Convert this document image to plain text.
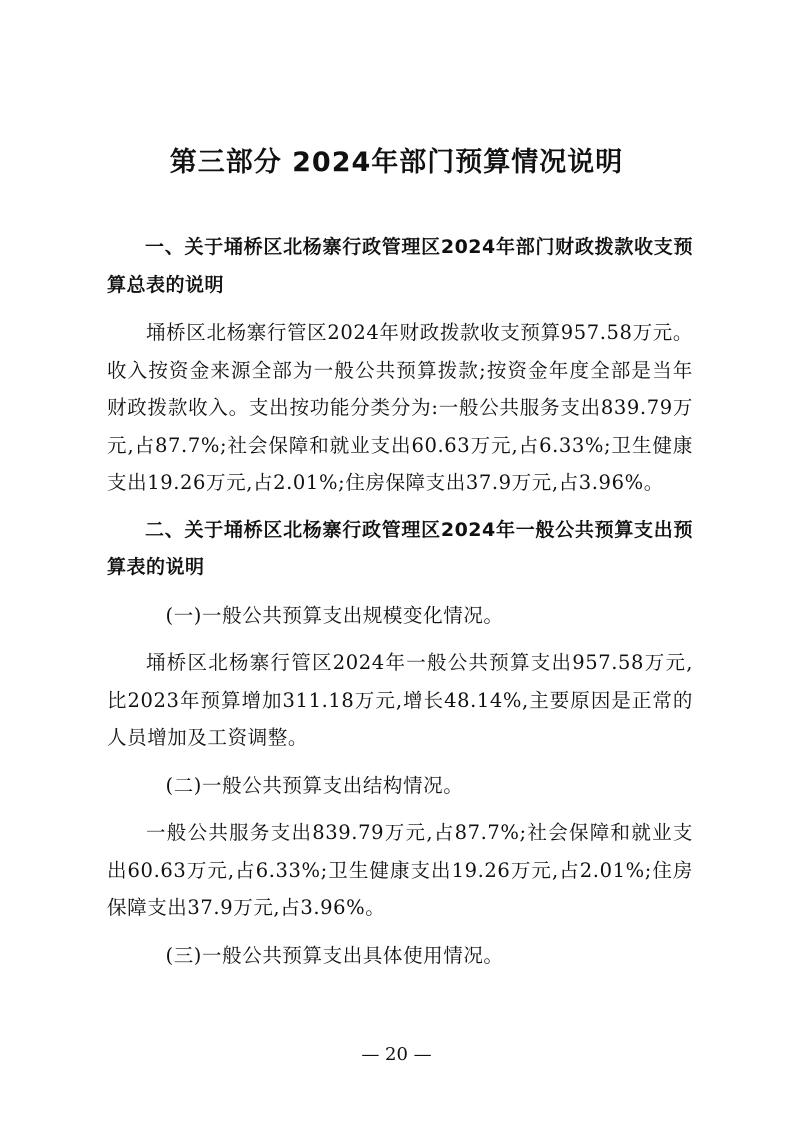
第三部分 2024年部门预算情况说明

一、关于埇桥区北杨寨行政管理区2024年部门财政拨款收支预算总表的说明

埇桥区北杨寨行管区2024年财政拨款收支预算957.58万元。收入按资金来源全部为一般公共预算拨款;按资金年度全部是当年财政拨款收入。支出按功能分类分为:一般公共服务支出839.79万元,占87.7%;社会保障和就业支出60.63万元,占6.33%;卫生健康支出19.26万元,占2.01%;住房保障支出37.9万元,占3.96%。

二、关于埇桥区北杨寨行政管理区2024年一般公共预算支出预算表的说明

(一)一般公共预算支出规模变化情况。

埇桥区北杨寨行管区2024年一般公共预算支出957.58万元,比2023年预算增加311.18万元,增长48.14%,主要原因是正常的人员增加及工资调整。

(二)一般公共预算支出结构情况。

一般公共服务支出839.79万元,占87.7%;社会保障和就业支出60.63万元,占6.33%;卫生健康支出19.26万元,占2.01%;住房保障支出37.9万元,占3.96%。

(三)一般公共预算支出具体使用情况。

— 20 —
